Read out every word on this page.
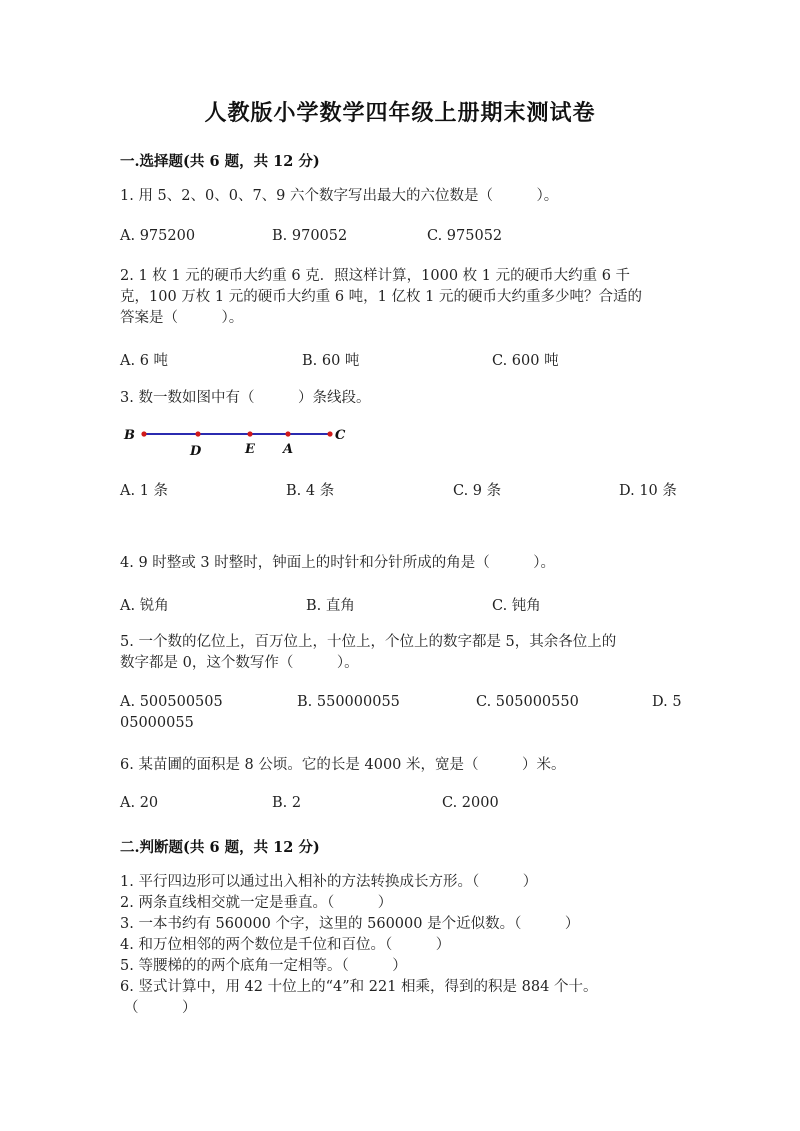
人教版小学数学四年级上册期末测试卷
一.选择题(共 6 题，共 12 分)
1. 用 5、2、0、0、7、9 六个数字写出最大的六位数是（　　　）。
A. 975200	B. 970052	C. 975052
2. 1 枚 1 元的硬币大约重 6 克．照这样计算，1000 枚 1 元的硬币大约重 6 千
克，100 万枚 1 元的硬币大约重 6 吨，1 亿枚 1 元的硬币大约重多少吨？合适的
答案是（　　　）。
A. 6 吨	B. 60 吨	C. 600 吨
3. 数一数如图中有（　　　）条线段。
B
D	E A
C
A. 1 条	B. 4 条	C. 9 条	D. 10 条
4. 9 时整或 3 时整时，钟面上的时针和分针所成的角是（　　　）。
A. 锐角	B. 直角	C. 钝角
5. 一个数的亿位上，百万位上，十位上，个位上的数字都是 5，其余各位上的
数字都是 0，这个数写作（　　　）。
A. 500500505	B. 550000055	C. 505000550	D. 5
05000055
6. 某苗圃的面积是 8 公顷。它的长是 4000 米，宽是（　　　）米。
A. 20	B. 2	C. 2000
二.判断题(共 6 题，共 12 分)
1. 平行四边形可以通过出入相补的方法转换成长方形。（　　　）
2. 两条直线相交就一定是垂直。（　　　）
3. 一本书约有 560000 个字，这里的 560000 是个近似数。（　　　）
4. 和万位相邻的两个数位是千位和百位。（　　　）
5. 等腰梯的的两个底角一定相等。（　　　）
6. 竖式计算中，用 42 十位上的“4”和 221 相乘，得到的积是 884 个十。
（　　　）
